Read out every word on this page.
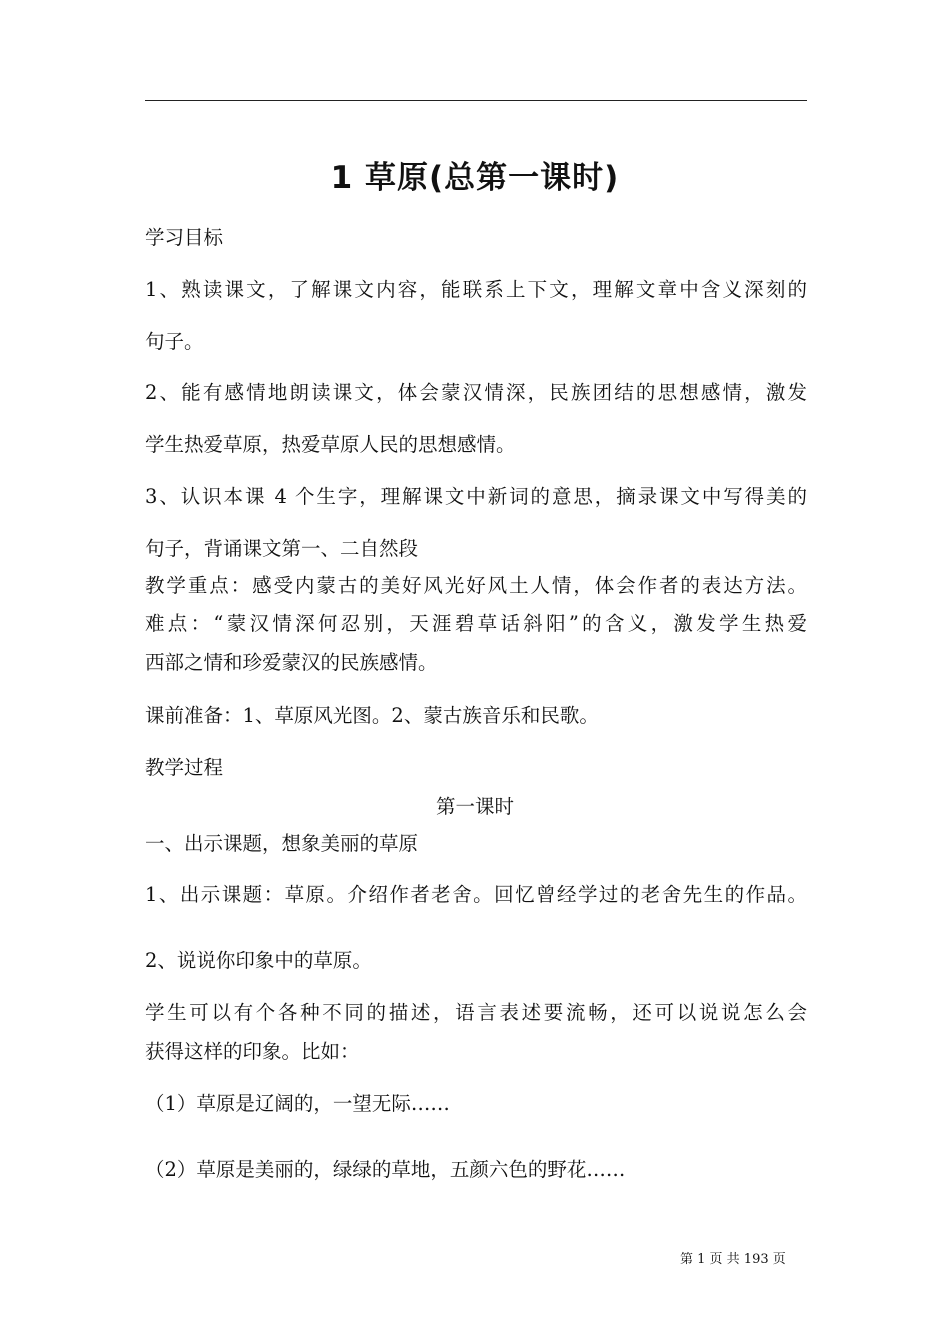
1 草原(总第一课时)
学习目标
1、熟读课文，了解课文内容，能联系上下文，理解文章中含义深刻的
句子。
2、能有感情地朗读课文，体会蒙汉情深，民族团结的思想感情，激发
学生热爱草原，热爱草原人民的思想感情。
3、认识本课 4 个生字，理解课文中新词的意思，摘录课文中写得美的
句子，背诵课文第一、二自然段
教学重点：感受内蒙古的美好风光好风土人情，体会作者的表达方法。
难点：“蒙汉情深何忍别，天涯碧草话斜阳”的含义，激发学生热爱
西部之情和珍爱蒙汉的民族感情。
课前准备：1、草原风光图。2、蒙古族音乐和民歌。
教学过程
第一课时
一、出示课题，想象美丽的草原
1、出示课题：草原。介绍作者老舍。回忆曾经学过的老舍先生的作品。
2、说说你印象中的草原。
学生可以有个各种不同的描述，语言表述要流畅，还可以说说怎么会
获得这样的印象。比如：
（1）草原是辽阔的，一望无际……
（2）草原是美丽的，绿绿的草地，五颜六色的野花……
第 1 页 共 193 页
